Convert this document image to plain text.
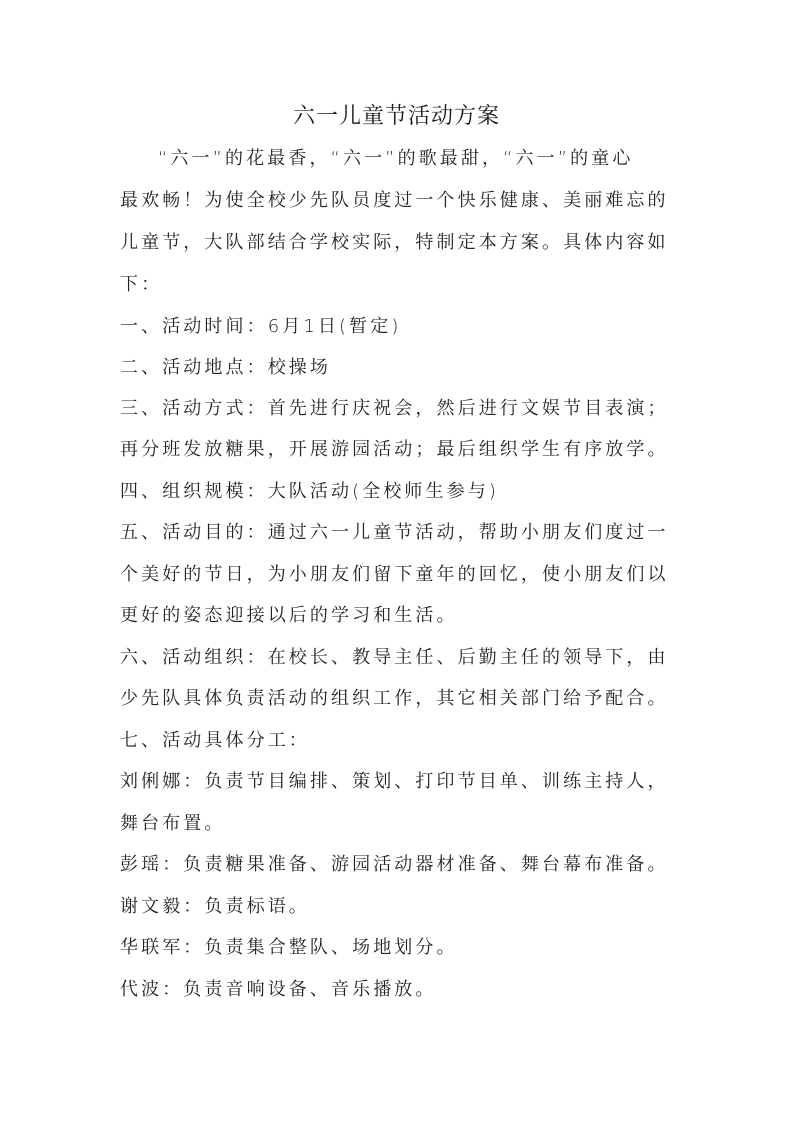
六一儿童节活动方案
“六一”的花最香，“六一”的歌最甜，“六一”的童心
最欢畅！为使全校少先队员度过一个快乐健康、美丽难忘的
儿童节，大队部结合学校实际，特制定本方案。具体内容如
下：
一、活动时间：6月1日(暂定)
二、活动地点：校操场
三、活动方式：首先进行庆祝会，然后进行文娱节目表演；
再分班发放糖果，开展游园活动；最后组织学生有序放学。
四、组织规模：大队活动(全校师生参与)
五、活动目的：通过六一儿童节活动，帮助小朋友们度过一
个美好的节日，为小朋友们留下童年的回忆，使小朋友们以
更好的姿态迎接以后的学习和生活。
六、活动组织：在校长、教导主任、后勤主任的领导下，由
少先队具体负责活动的组织工作，其它相关部门给予配合。
七、活动具体分工：
刘俐娜：负责节目编排、策划、打印节目单、训练主持人，
舞台布置。
彭瑶：负责糖果准备、游园活动器材准备、舞台幕布准备。
谢文毅：负责标语。
华联军：负责集合整队、场地划分。
代波：负责音响设备、音乐播放。
